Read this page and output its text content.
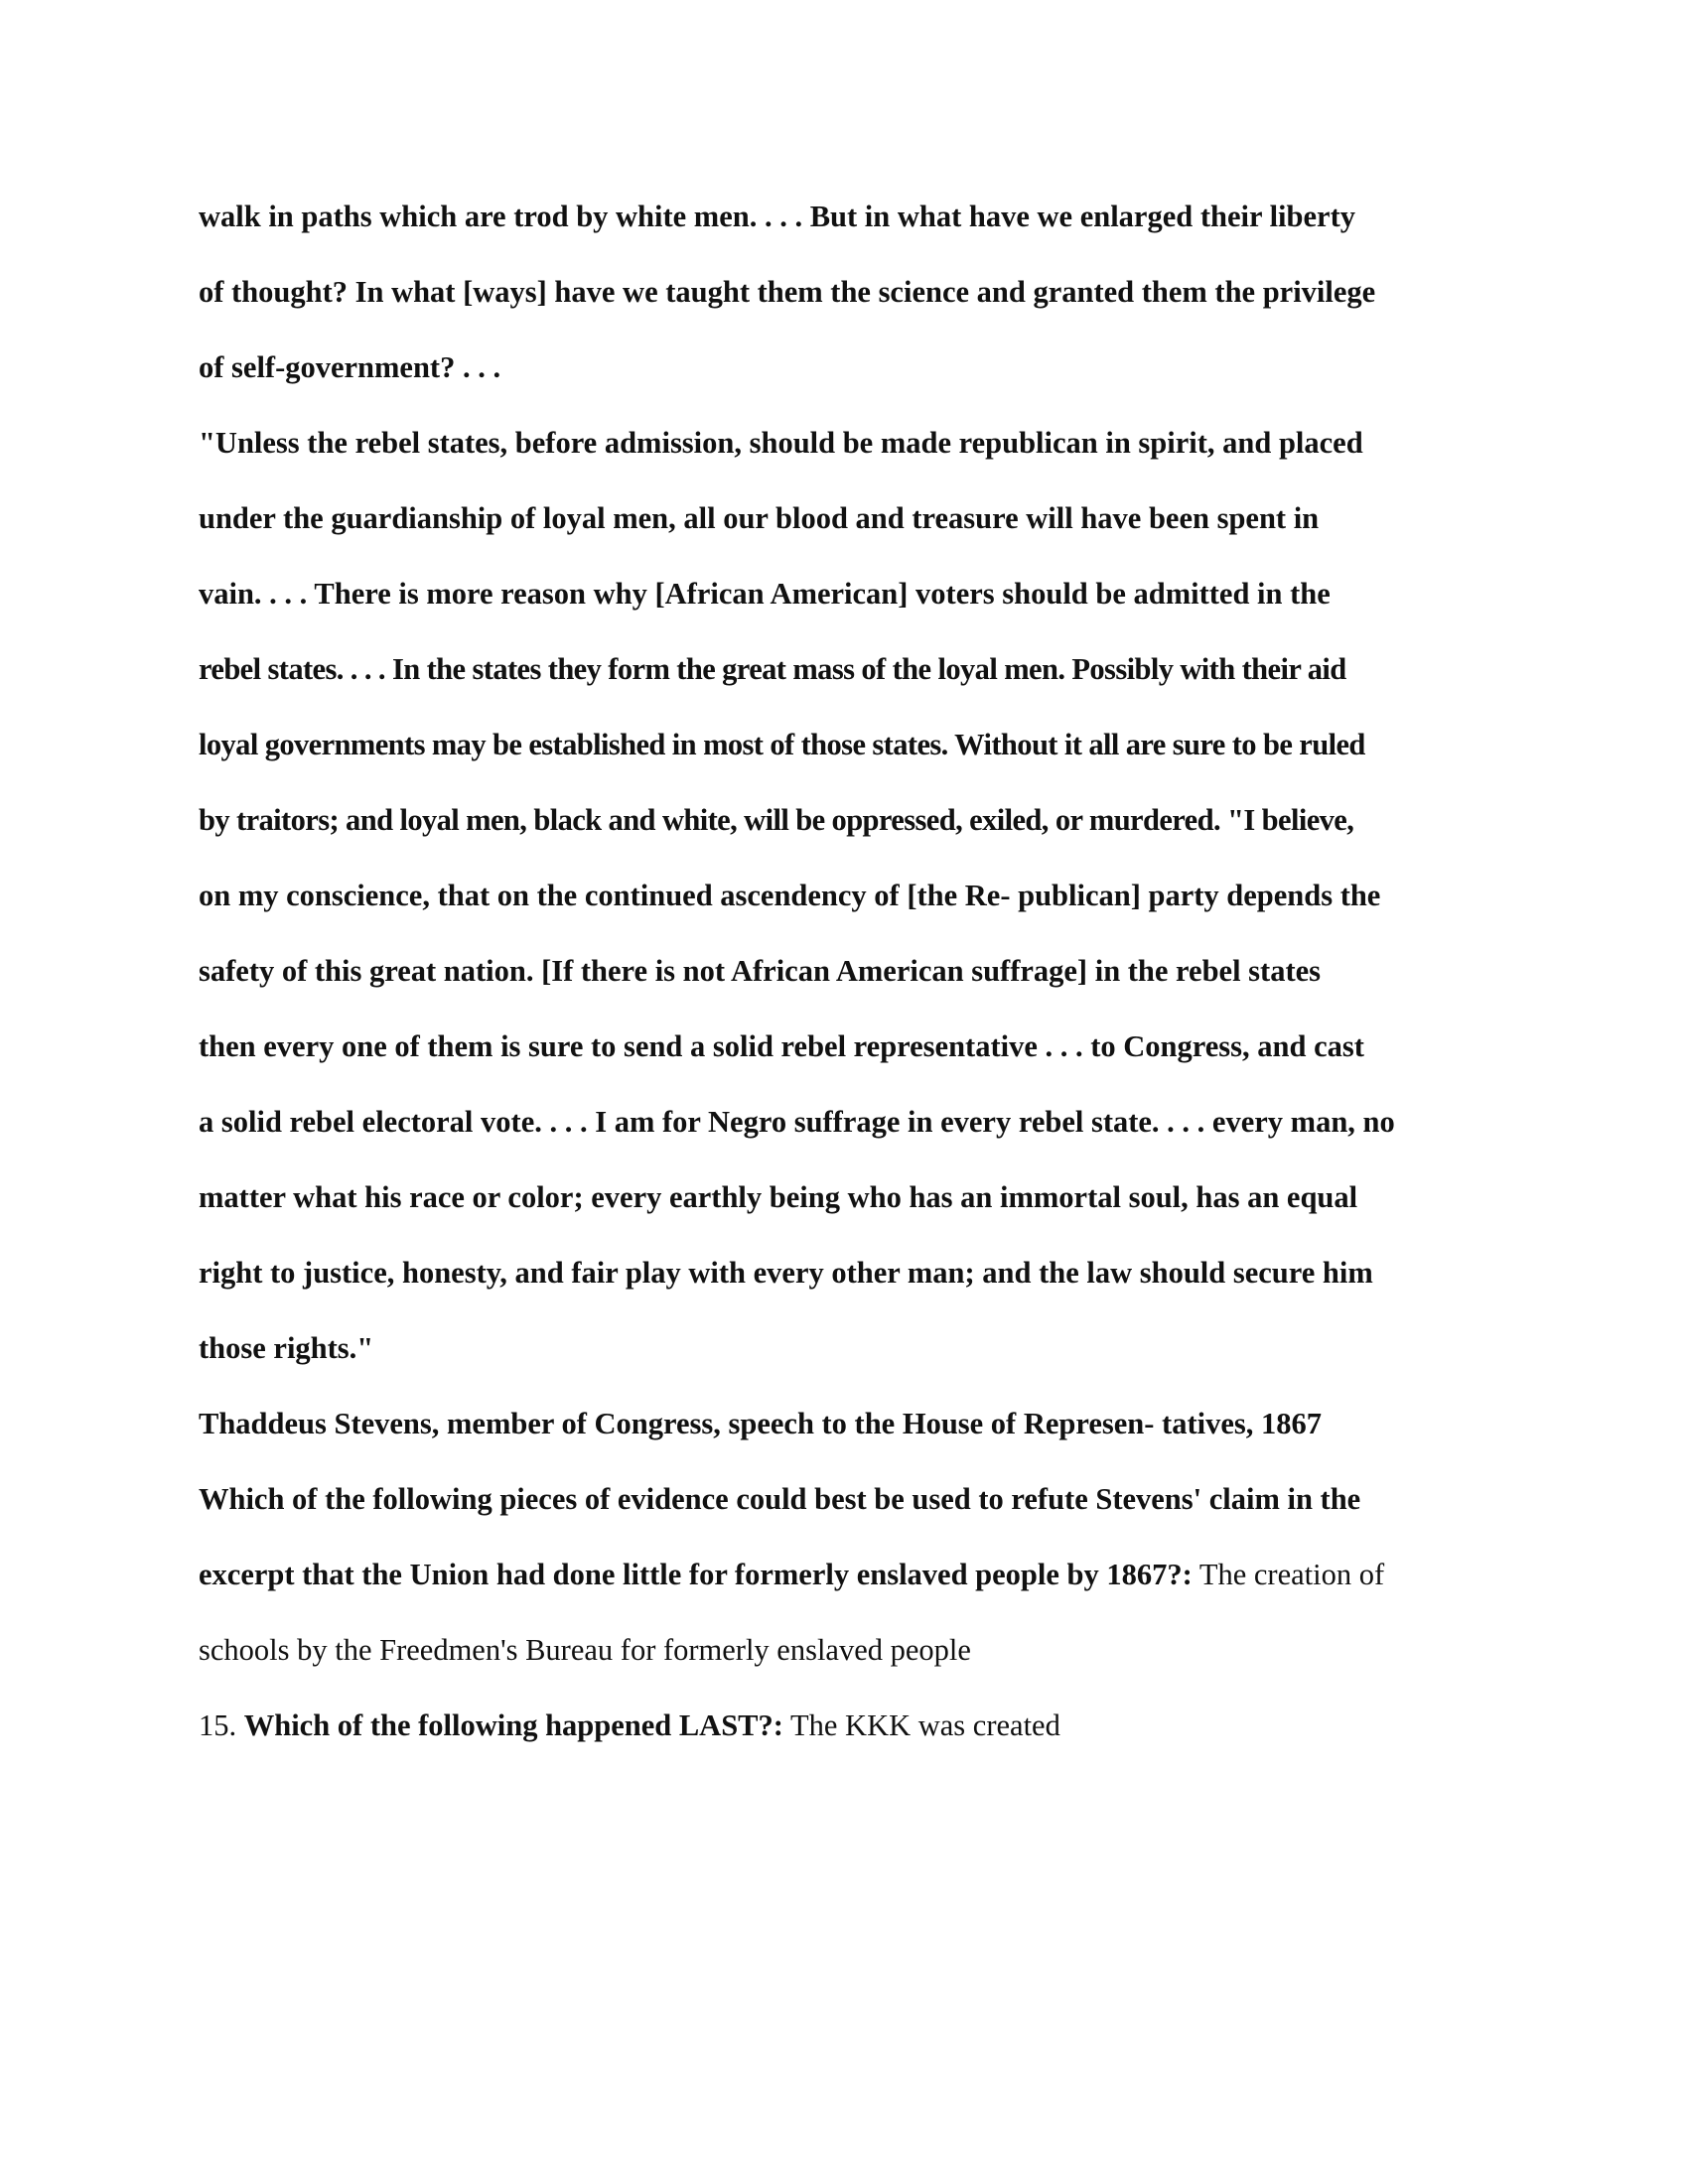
walk in paths which are trod by white men. . . . But in what have we enlarged their liberty
of thought? In what [ways] have we taught them the science and granted them the privilege
of self-government? . . .
"Unless the rebel states, before admission, should be made republican in spirit, and placed
under the guardianship of loyal men, all our blood and treasure will have been spent in
vain. . . . There is more reason why [African American] voters should be admitted in the
rebel states. . . . In the states they form the great mass of the loyal men. Possibly with their aid
loyal governments may be established in most of those states. Without it all are sure to be ruled
by traitors; and loyal men, black and white, will be oppressed, exiled, or murdered. "I believe,
on my conscience, that on the continued ascendency of [the Re- publican] party depends the
safety of this great nation. [If there is not African American suffrage] in the rebel states
then every one of them is sure to send a solid rebel representative . . . to Congress, and cast
a solid rebel electoral vote. . . . I am for Negro suffrage in every rebel state. . . . every man, no
matter what his race or color; every earthly being who has an immortal soul, has an equal
right to justice, honesty, and fair play with every other man; and the law should secure him
those rights."
Thaddeus Stevens, member of Congress, speech to the House of Represen- tatives, 1867
Which of the following pieces of evidence could best be used to refute Stevens' claim in the
excerpt that the Union had done little for formerly enslaved people by 1867?: The creation of
schools by the Freedmen's Bureau for formerly enslaved people
15. Which of the following happened LAST?: The KKK was created
